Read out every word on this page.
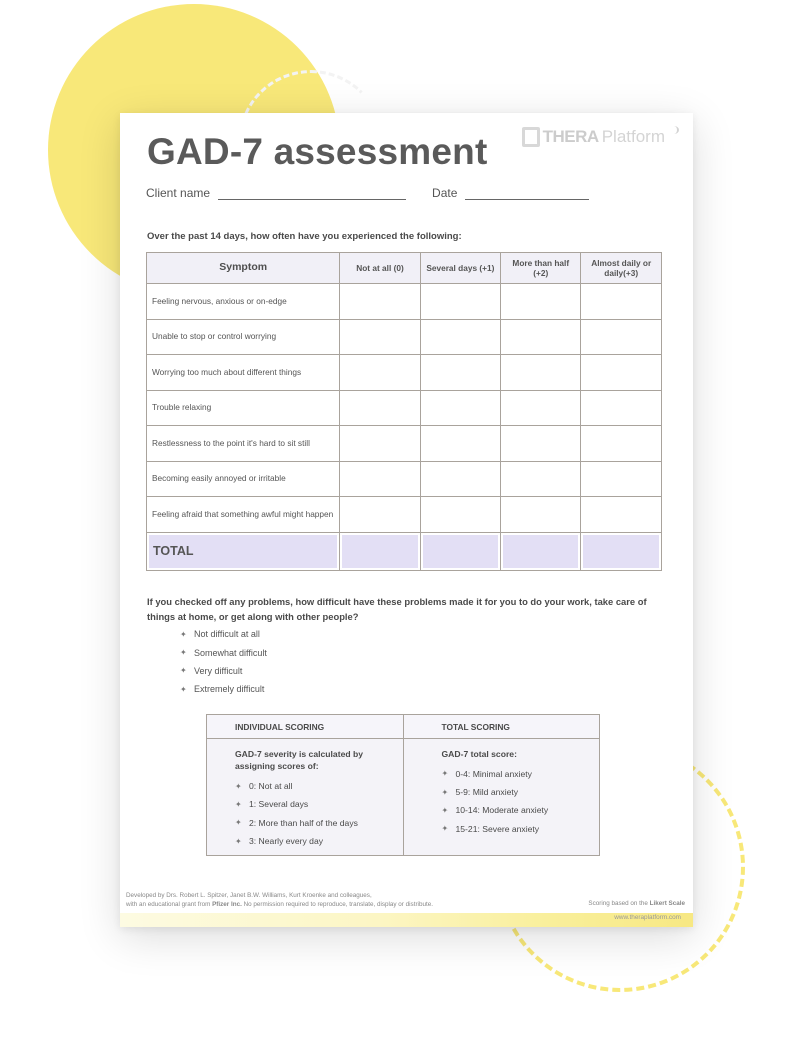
GAD-7 assessment	THERA Platform
Client name	Date
Over the past 14 days, how often have you experienced the following:
Symptom	Not at all (0)	Several days (+1)	More than half (+2)	Almost daily or daily(+3)
Feeling nervous, anxious or on-edge				
Unable to stop or control worrying				
Worrying too much about different things				
Trouble relaxing				
Restlessness to the point it's hard to sit still				
Becoming easily annoyed or irritable				
Feeling afraid that something awful might happen				
TOTAL				
If you checked off any problems, how difficult have these problems made it for you to do your work, take care of things at home, or get along with other people?
✦ Not difficult at all
✦ Somewhat difficult
✦ Very difficult
✦ Extremely difficult
INDIVIDUAL SCORING
GAD-7 severity is calculated by assigning scores of:
✦ 0: Not at all
✦ 1: Several days
✦ 2: More than half of the days
✦ 3: Nearly every day
TOTAL SCORING
GAD-7 total score:
✦ 0-4: Minimal anxiety
✦ 5-9: Mild anxiety
✦ 10-14: Moderate anxiety
✦ 15-21: Severe anxiety
Developed by Drs. Robert L. Spitzer, Janet B.W. Williams, Kurt Kroenke and colleagues,
with an educational grant from Pfizer Inc. No permission required to reproduce, translate, display or distribute.	Scoring based on the Likert Scale
www.theraplatform.com
